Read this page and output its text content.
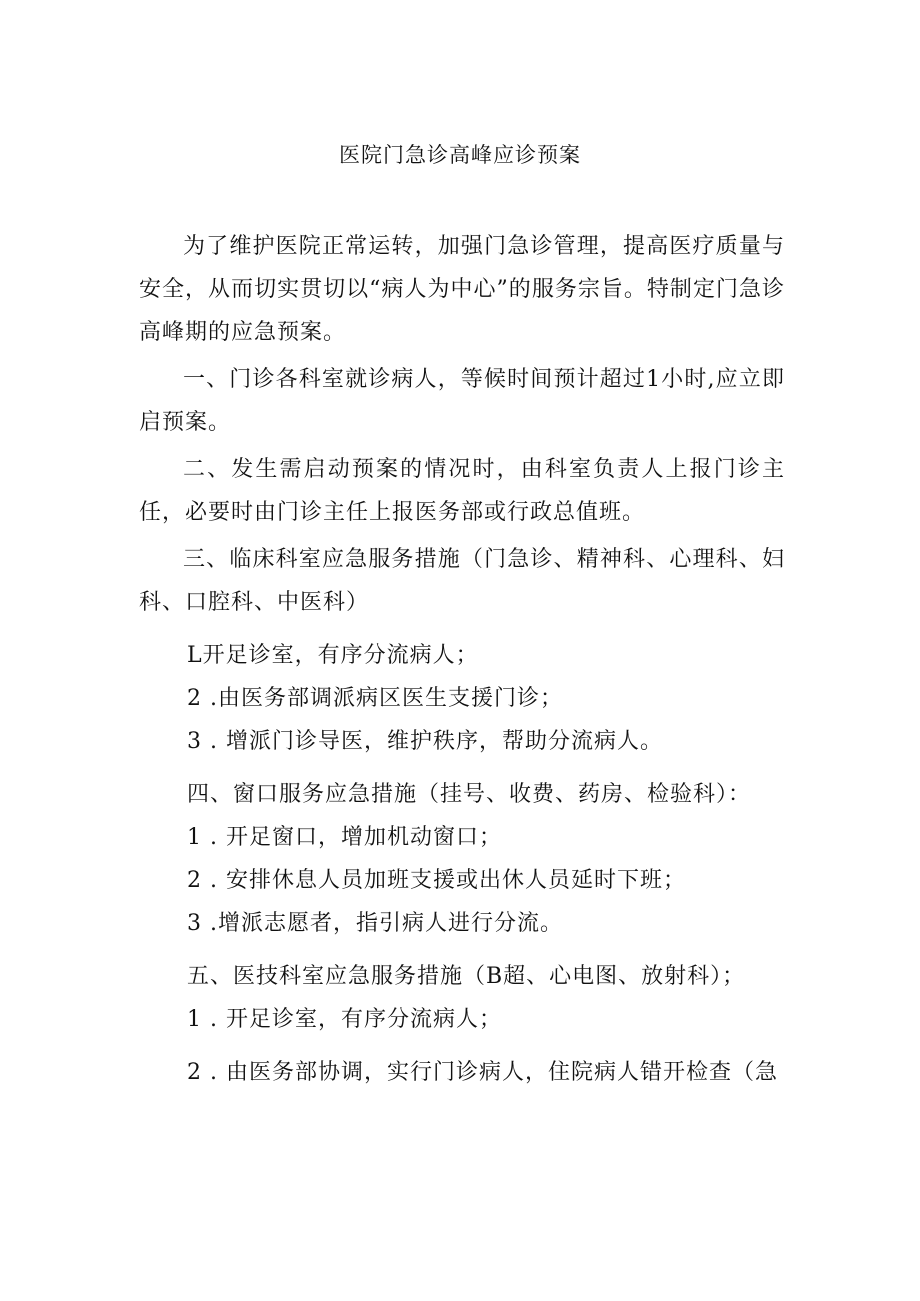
医院门急诊高峰应诊预案

为了维护医院正常运转，加强门急诊管理，提高医疗质量与安全，从而切实贯切以“病人为中心”的服务宗旨。特制定门急诊高峰期的应急预案。

一、门诊各科室就诊病人，等候时间预计超过1小时,应立即启预案。

二、发生需启动预案的情况时，由科室负责人上报门诊主任，必要时由门诊主任上报医务部或行政总值班。

三、临床科室应急服务措施（门急诊、精神科、心理科、妇科、口腔科、中医科）

L开足诊室，有序分流病人；

2 .由医务部调派病区医生支援门诊；

3 . 增派门诊导医，维护秩序，帮助分流病人。

四、窗口服务应急措施（挂号、收费、药房、检验科）：

1 . 开足窗口，增加机动窗口；

2 . 安排休息人员加班支援或出休人员延时下班；

3 .增派志愿者，指引病人进行分流。

五、医技科室应急服务措施（B超、心电图、放射科）；

1 . 开足诊室，有序分流病人；

2 . 由医务部协调，实行门诊病人，住院病人错开检查（急
